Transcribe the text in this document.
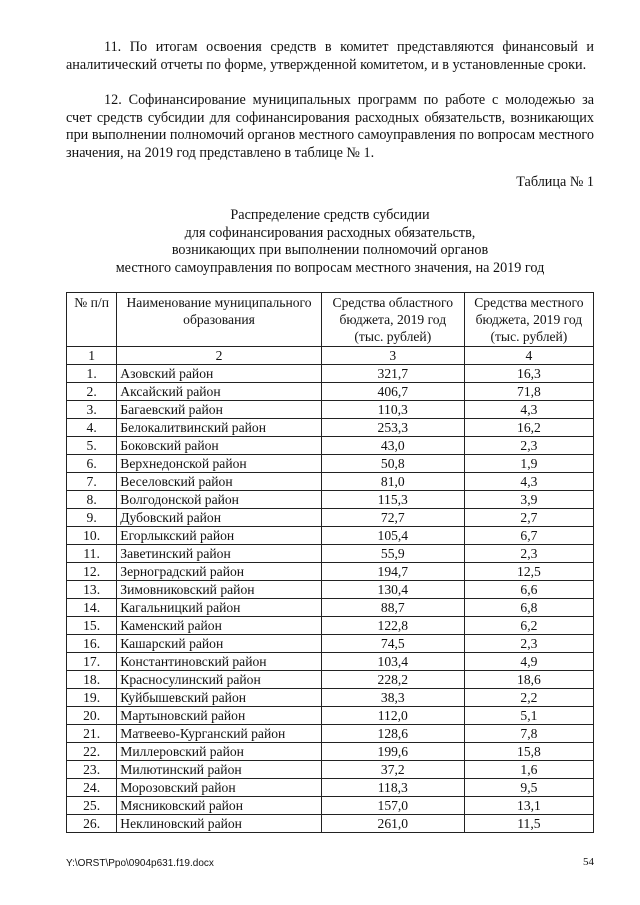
11. По итогам освоения средств в комитет представляются финансовый и аналитический отчеты по форме, утвержденной комитетом, и в установленные сроки.

12. Софинансирование муниципальных программ по работе с молодежью за счет средств субсидии для софинансирования расходных обязательств, возникающих при выполнении полномочий органов местного самоуправления по вопросам местного значения, на 2019 год представлено в таблице № 1.

Таблица № 1
Распределение средств субсидии
для софинансирования расходных обязательств,
возникающих при выполнении полномочий органов
местного самоуправления по вопросам местного значения, на 2019 год
№ п/п	Наименование муниципального образования	Средства областного бюджета, 2019 год (тыс. рублей)	Средства местного бюджета, 2019 год (тыс. рублей)
1	2	3	4
1.	Азовский район	321,7	16,3
2.	Аксайский район	406,7	71,8
3.	Багаевский район	110,3	4,3
4.	Белокалитвинский район	253,3	16,2
5.	Боковский район	43,0	2,3
6.	Верхнедонской район	50,8	1,9
7.	Веселовский район	81,0	4,3
8.	Волгодонской район	115,3	3,9
9.	Дубовский район	72,7	2,7
10.	Егорлыкский район	105,4	6,7
11.	Заветинский район	55,9	2,3
12.	Зерноградский район	194,7	12,5
13.	Зимовниковский район	130,4	6,6
14.	Кагальницкий район	88,7	6,8
15.	Каменский район	122,8	6,2
16.	Кашарский район	74,5	2,3
17.	Константиновский район	103,4	4,9
18.	Красносулинский район	228,2	18,6
19.	Куйбышевский район	38,3	2,2
20.	Мартыновский район	112,0	5,1
21.	Матвеево-Курганский район	128,6	7,8
22.	Миллеровский район	199,6	15,8
23.	Милютинский район	37,2	1,6
24.	Морозовский район	118,3	9,5
25.	Мясниковский район	157,0	13,1
26.	Неклиновский район	261,0	11,5
Y:\ORST\Ppo\0904p631.f19.docx	54
